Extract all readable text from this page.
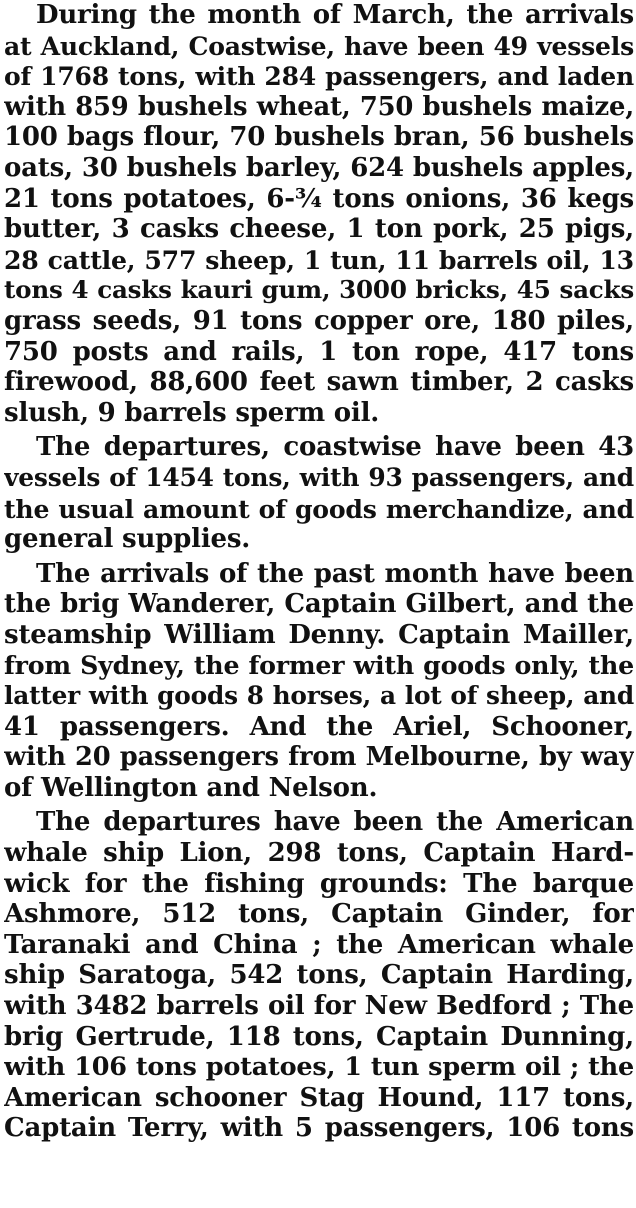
During the month of March, the arrivals
at Auckland, Coastwise, have been 49 vessels
of 1768 tons, with 284 passengers, and laden
with 859 bushels wheat, 750 bushels maize,
100 bags flour, 70 bushels bran, 56 bushels
oats, 30 bushels barley, 624 bushels apples,
21 tons potatoes, 6-¾ tons onions, 36 kegs
butter, 3 casks cheese, 1 ton pork, 25 pigs,
28 cattle, 577 sheep, 1 tun, 11 barrels oil, 13
tons 4 casks kauri gum, 3000 bricks, 45 sacks
grass seeds, 91 tons copper ore, 180 piles,
750 posts and rails, 1 ton rope, 417 tons
firewood, 88,600 feet sawn timber, 2 casks
slush, 9 barrels sperm oil.
The departures, coastwise have been 43
vessels of 1454 tons, with 93 passengers, and
the usual amount of goods merchandize, and
general supplies.
The arrivals of the past month have been
the brig Wanderer, Captain Gilbert, and the
steamship William Denny. Captain Mailler,
from Sydney, the former with goods only, the
latter with goods 8 horses, a lot of sheep, and
41 passengers. And the Ariel, Schooner,
with 20 passengers from Melbourne, by way
of Wellington and Nelson.
The departures have been the American
whale ship Lion, 298 tons, Captain Hard-
wick for the fishing grounds: The barque
Ashmore, 512 tons, Captain Ginder, for
Taranaki and China ; the American whale
ship Saratoga, 542 tons, Captain Harding,
with 3482 barrels oil for New Bedford ; The
brig Gertrude, 118 tons, Captain Dunning,
with 106 tons potatoes, 1 tun sperm oil ; the
American schooner Stag Hound, 117 tons,
Captain Terry, with 5 passengers, 106 tons
